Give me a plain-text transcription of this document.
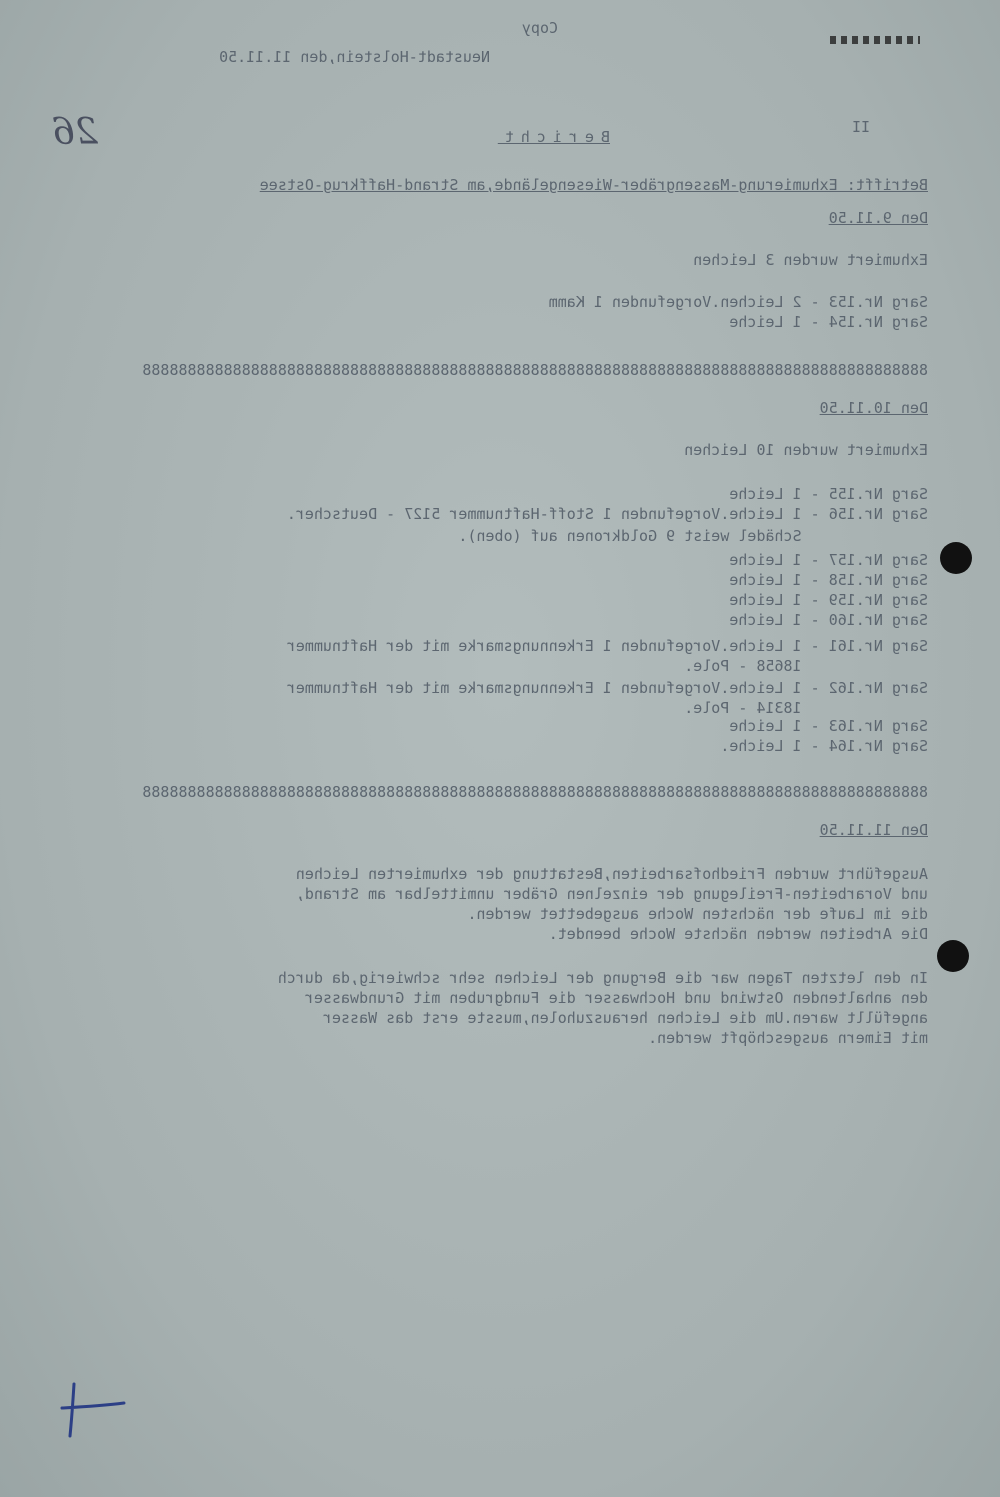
26

Copy

Neustadt-Holstein,den 11.11.50

II

Bericht

Betrifft: Exhumierung-Massengräber-Wiesengelände,am Strand-Haffkrug-Ostsee

Den 9.11.50

Exhumiert wurden 3 Leichen

Sarg Nr.153 - 2 Leichen.Vorgefunden 1 Kamm

Sarg Nr.154 - 1 Leiche

888888888888888888888888888888888888888888888888888888888888888888888888888888888888888

Den 10.11.50

Exhumiert wurden 10 Leichen

Sarg Nr.155 - 1 Leiche

Sarg Nr.156 - 1 Leiche.Vorgefunden 1 Stoff-Haftnummer 5127 - Deutscher.

Schädel weist 9 Goldkronen auf (oben).

Sarg Nr.157 - 1 Leiche

Sarg Nr.158 - 1 Leiche

Sarg Nr.159 - 1 Leiche

Sarg Nr.160 - 1 Leiche

Sarg Nr.161 - 1 Leiche.Vorgefunden 1 Erkennungsmarke mit der Haftnummer

18658 - Pole.

Sarg Nr.162 - 1 Leiche.Vorgefunden 1 Erkennungsmarke mit der Haftnummer

18314 - Pole.

Sarg Nr.163 - 1 Leiche

Sarg Nr.164 - 1 Leiche.

888888888888888888888888888888888888888888888888888888888888888888888888888888888888888

Den 11.11.50

Ausgeführt wurden Friedhofsarbeiten,Bestattung der exhumierten Leichen

und Vorarbeiten-Freilegung der einzelnen Gräber unmittelbar am Strand,

die im Laufe der nächsten Woche ausgebettet werden.

Die Arbeiten werden nächste Woche beendet.

In den letzten Tagen war die Bergung der Leichen sehr schwierig,da durch

den anhaltenden Ostwind und Hochwasser die Fundgruben mit Grundwasser

angefüllt waren.Um die Leichen herauszuholen,musste erst das Wasser

mit Eimern ausgeschöpft werden.
